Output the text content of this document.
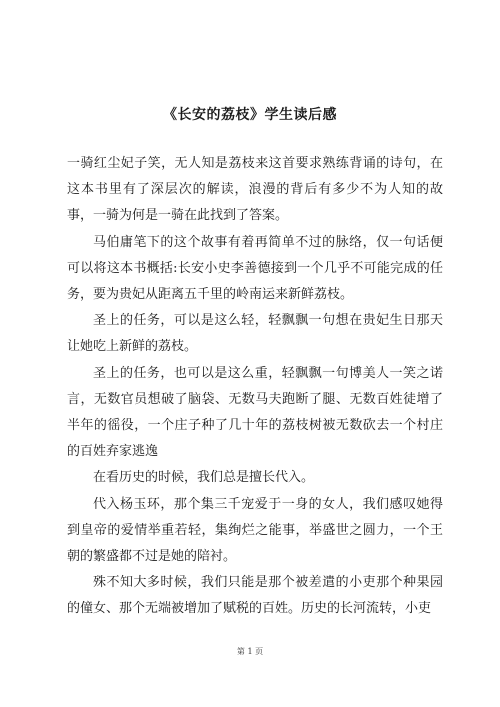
《长安的荔枝》学生读后感

一骑红尘妃子笑，无人知是荔枝来这首要求熟练背诵的诗句，在这本书里有了深层次的解读，浪漫的背后有多少不为人知的故事，一骑为何是一骑在此找到了答案。

马伯庸笔下的这个故事有着再简单不过的脉络，仅一句话便可以将这本书概括:长安小史李善德接到一个几乎不可能完成的任务，要为贵妃从距离五千里的岭南运来新鲜荔枝。

圣上的任务，可以是这么轻，轻飘飘一句想在贵妃生日那天让她吃上新鲜的荔枝。

圣上的任务，也可以是这么重，轻飘飘一句博美人一笑之诺言，无数官员想破了脑袋、无数马夫跑断了腿、无数百姓徒增了半年的徭役，一个庄子种了几十年的荔枝树被无数砍去一个村庄的百姓弃家逃逸

在看历史的时候，我们总是擅长代入。

代入杨玉环，那个集三千宠爱于一身的女人，我们感叹她得到皇帝的爱情举重若轻，集绚烂之能事，举盛世之圆力，一个王朝的繁盛都不过是她的陪衬。

殊不知大多时候，我们只能是那个被差遣的小吏那个种果园的僮女、那个无端被增加了赋税的百姓。历史的长河流转，小吏

第 1 页
